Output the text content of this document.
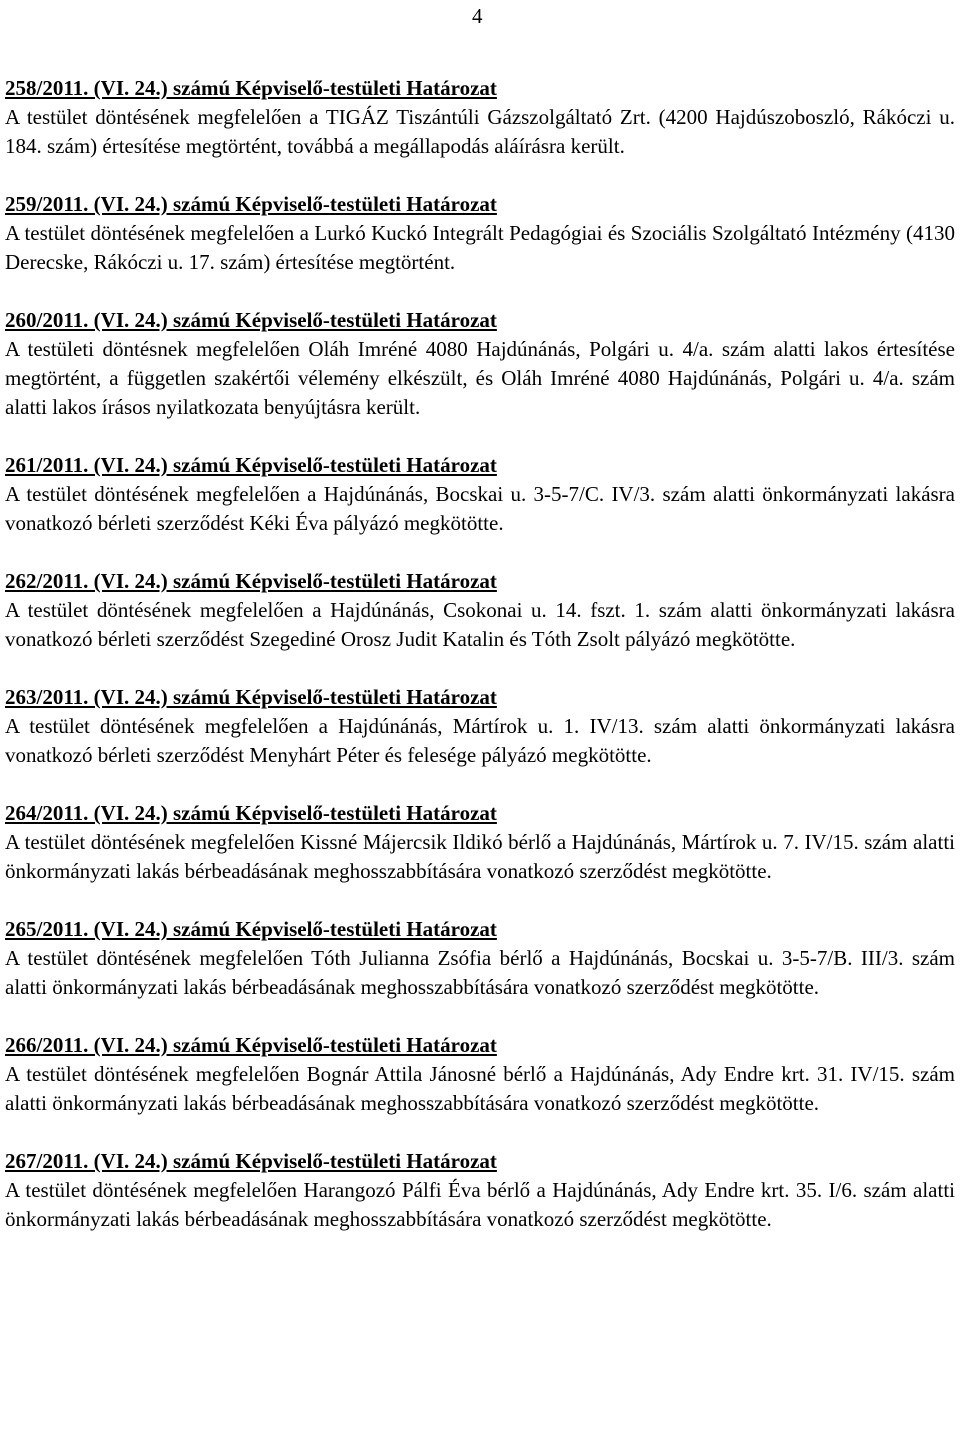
4
258/2011. (VI. 24.) számú Képviselő-testületi Határozat

A testület döntésének megfelelően a TIGÁZ Tiszántúli Gázszolgáltató Zrt. (4200 Hajdúszoboszló, Rákóczi u. 184. szám) értesítése megtörtént, továbbá a megállapodás aláírásra került.

259/2011. (VI. 24.) számú Képviselő-testületi Határozat

A testület döntésének megfelelően a Lurkó Kuckó Integrált Pedagógiai és Szociális Szolgáltató Intézmény (4130 Derecske, Rákóczi u. 17. szám) értesítése megtörtént.

260/2011. (VI. 24.) számú Képviselő-testületi Határozat

A testületi döntésnek megfelelően Oláh Imréné 4080 Hajdúnánás, Polgári u. 4/a. szám alatti lakos értesítése megtörtént, a független szakértői vélemény elkészült, és Oláh Imréné 4080 Hajdúnánás, Polgári u. 4/a. szám alatti lakos írásos nyilatkozata benyújtásra került.

261/2011. (VI. 24.) számú Képviselő-testületi Határozat

A testület döntésének megfelelően a Hajdúnánás, Bocskai u. 3-5-7/C. IV/3. szám alatti önkormányzati lakásra vonatkozó bérleti szerződést Kéki Éva pályázó megkötötte.

262/2011. (VI. 24.) számú Képviselő-testületi Határozat

A testület döntésének megfelelően a Hajdúnánás, Csokonai u. 14. fszt. 1. szám alatti önkormányzati lakásra vonatkozó bérleti szerződést Szegediné Orosz Judit Katalin és Tóth Zsolt pályázó megkötötte.

263/2011. (VI. 24.) számú Képviselő-testületi Határozat

A testület döntésének megfelelően a Hajdúnánás, Mártírok u. 1. IV/13. szám alatti önkormányzati lakásra vonatkozó bérleti szerződést Menyhárt Péter és felesége pályázó megkötötte.

264/2011. (VI. 24.) számú Képviselő-testületi Határozat

A testület döntésének megfelelően Kissné Májercsik Ildikó bérlő a Hajdúnánás, Mártírok u. 7. IV/15. szám alatti önkormányzati lakás bérbeadásának meghosszabbítására vonatkozó szerződést megkötötte.

265/2011. (VI. 24.) számú Képviselő-testületi Határozat

A testület döntésének megfelelően Tóth Julianna Zsófia bérlő a Hajdúnánás, Bocskai u. 3-5-7/B. III/3. szám alatti önkormányzati lakás bérbeadásának meghosszabbítására vonatkozó szerződést megkötötte.

266/2011. (VI. 24.) számú Képviselő-testületi Határozat

A testület döntésének megfelelően Bognár Attila Jánosné bérlő a Hajdúnánás, Ady Endre krt. 31. IV/15. szám alatti önkormányzati lakás bérbeadásának meghosszabbítására vonatkozó szerződést megkötötte.

267/2011. (VI. 24.) számú Képviselő-testületi Határozat

A testület döntésének megfelelően Harangozó Pálfi Éva bérlő a Hajdúnánás, Ady Endre krt. 35. I/6. szám alatti önkormányzati lakás bérbeadásának meghosszabbítására vonatkozó szerződést megkötötte.
